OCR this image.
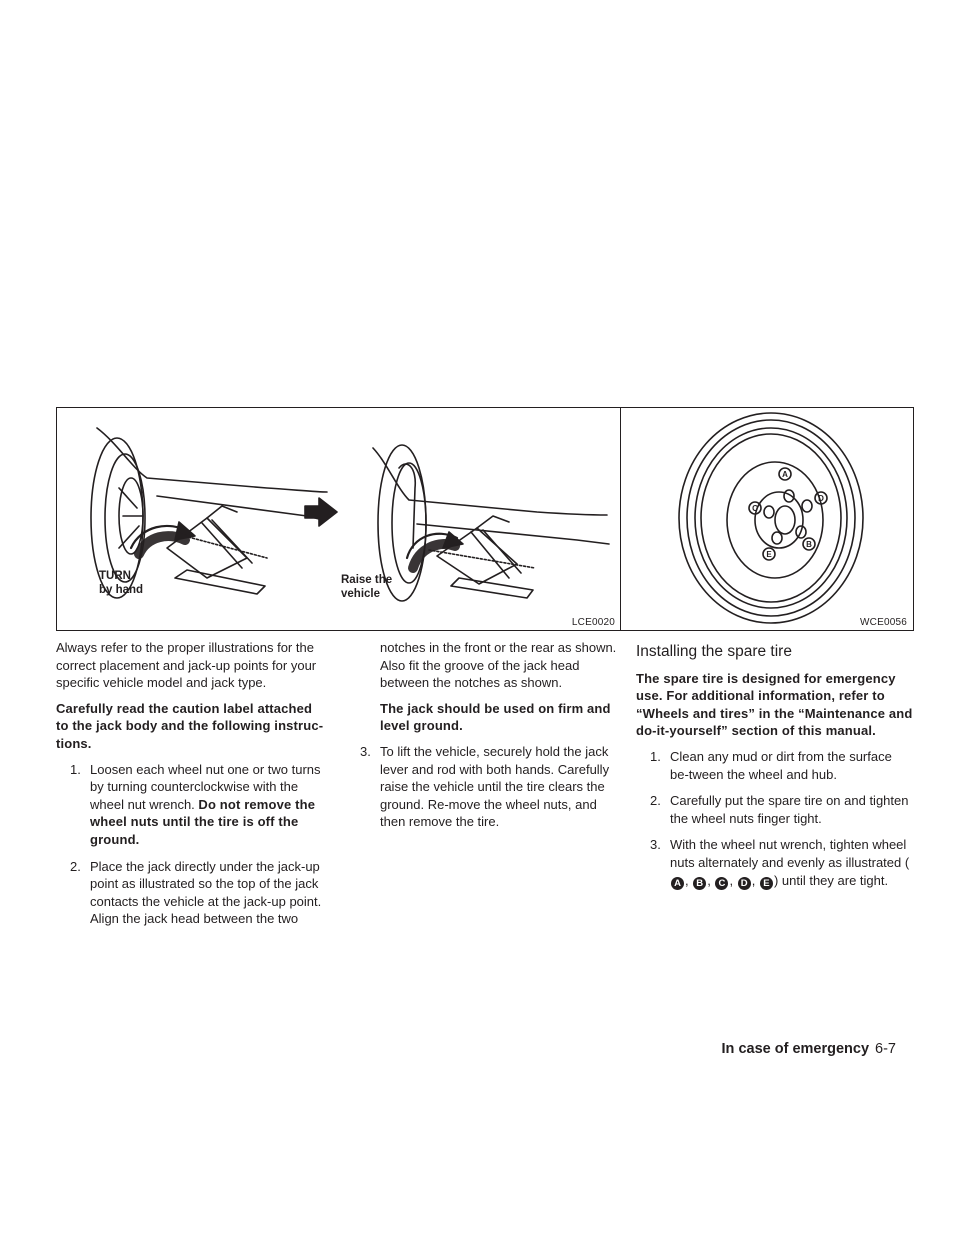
TURN
by hand
Raise the
vehicle
LCE0020
A
B
C
D
E
WCE0056

Always refer to the proper illustrations for the correct placement and jack-up points for your specific vehicle model and jack type.

Carefully read the caution label attached to the jack body and the following instruc-tions.

1. Loosen each wheel nut one or two turns by turning counterclockwise with the wheel nut wrench. Do not remove the wheel nuts until the tire is off the ground.
2. Place the jack directly under the jack-up point as illustrated so the top of the jack contacts the vehicle at the jack-up point. Align the jack head between the two

notches in the front or the rear as shown. Also fit the groove of the jack head between the notches as shown.

The jack should be used on firm and level ground.

3. To lift the vehicle, securely hold the jack lever and rod with both hands. Carefully raise the vehicle until the tire clears the ground. Re-move the wheel nuts, and then remove the tire.
Installing the spare tire

The spare tire is designed for emergency use. For additional information, refer to “Wheels and tires” in the “Maintenance and do-it-yourself” section of this manual.

1. Clean any mud or dirt from the surface be-tween the wheel and hub.
2. Carefully put the spare tire on and tighten the wheel nuts finger tight.
3. With the wheel nut wrench, tighten wheel nuts alternately and evenly as illustrated (A , B , C , D , E ) until they are tight.
In case of emergency 6-7
